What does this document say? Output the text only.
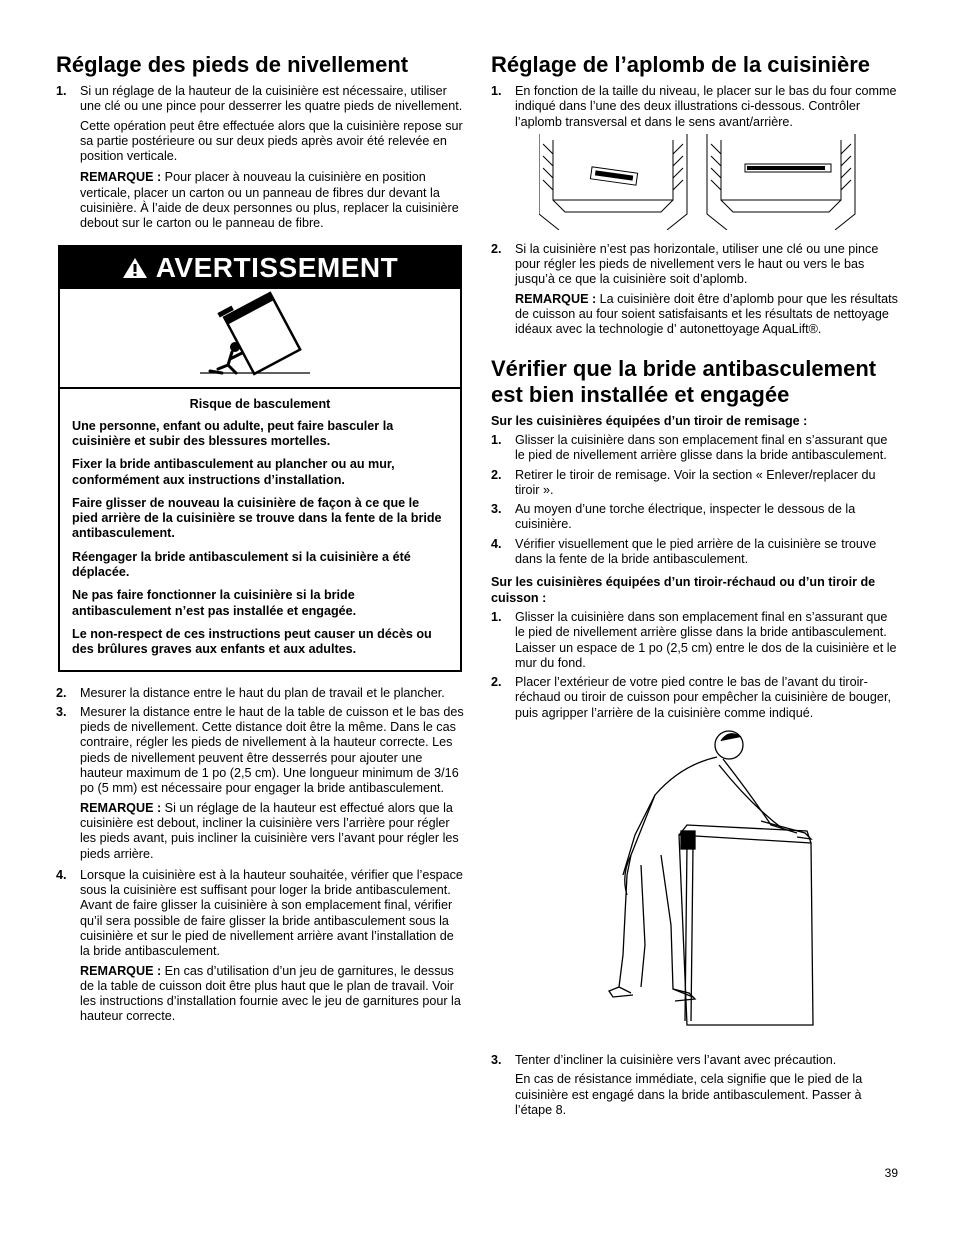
Réglage des pieds de nivellement
1.	Si un réglage de la hauteur de la cuisinière est nécessaire, utiliser une clé ou une pince pour desserrer les quatre pieds de nivellement.

Cette opération peut être effectuée alors que la cuisinière repose sur sa partie postérieure ou sur deux pieds après avoir été relevée en position verticale.

REMARQUE : Pour placer à nouveau la cuisinière en position verticale, placer un carton ou un panneau de fibres dur devant la cuisinière. À l’aide de deux personnes ou plus, replacer la cuisinière debout sur le carton ou le panneau de fibre.

AVERTISSEMENT
Risque de basculement
Une personne, enfant ou adulte, peut faire basculer la cuisinière et subir des blessures mortelles.
Fixer la bride antibasculement au plancher ou au mur, conformément aux instructions d’installation.
Faire glisser de nouveau la cuisinière de façon à ce que le pied arrière de la cuisinière se trouve dans la fente de la bride antibasculement.
Réengager la bride antibasculement si la cuisinière a été déplacée.
Ne pas faire fonctionner la cuisinière si la bride antibasculement n’est pas installée et engagée.
Le non-respect de ces instructions peut causer un décès ou des brûlures graves aux enfants et aux adultes.
2.	Mesurer la distance entre le haut du plan de travail et le plancher.
3.	Mesurer la distance entre le haut de la table de cuisson et le bas des pieds de nivellement. Cette distance doit être la même. Dans le cas contraire, régler les pieds de nivellement à la hauteur correcte. Les pieds de nivellement peuvent être desserrés pour ajouter une hauteur maximum de 1 po (2,5 cm). Une longueur minimum de 3/16 po (5 mm) est nécessaire pour engager la bride antibasculement.

REMARQUE : Si un réglage de la hauteur est effectué alors que la cuisinière est debout, incliner la cuisinière vers l’arrière pour régler les pieds avant, puis incliner la cuisinière vers l’avant pour régler les pieds arrière.

4.	Lorsque la cuisinière est à la hauteur souhaitée, vérifier que l’espace sous la cuisinière est suffisant pour loger la bride antibasculement. Avant de faire glisser la cuisinière à son emplacement final, vérifier qu’il sera possible de faire glisser la bride antibasculement sous la cuisinière et sur le pied de nivellement arrière avant l’installation de la bride antibasculement.

REMARQUE : En cas d’utilisation d’un jeu de garnitures, le dessus de la table de cuisson doit être plus haut que le plan de travail. Voir les instructions d’installation fournie avec le jeu de garnitures pour la hauteur correcte.

Réglage de l’aplomb de la cuisinière
1.	En fonction de la taille du niveau, le placer sur le bas du four comme indiqué dans l’une des deux illustrations ci-dessous. Contrôler l’aplomb transversal et dans le sens avant/arrière.
2.	Si la cuisinière n’est pas horizontale, utiliser une clé ou une pince pour régler les pieds de nivellement vers le haut ou vers le bas jusqu’à ce que la cuisinière soit d’aplomb.

REMARQUE : La cuisinière doit être d’aplomb pour que les résultats de cuisson au four soient satisfaisants et les résultats de nettoyage idéaux avec la technologie d’ autonettoyage AquaLift®.

Vérifier que la bride antibasculement est bien installée et engagée
Sur les cuisinières équipées d’un tiroir de remisage :
1.	Glisser la cuisinière dans son emplacement final en s’assurant que le pied de nivellement arrière glisse dans la bride antibasculement.
2.	Retirer le tiroir de remisage. Voir la section « Enlever/replacer du tiroir ».
3.	Au moyen d’une torche électrique, inspecter le dessous de la cuisinière.
4.	Vérifier visuellement que le pied arrière de la cuisinière se trouve dans la fente de la bride antibasculement.
Sur les cuisinières équipées d’un tiroir-réchaud ou d’un tiroir de cuisson :
1.	Glisser la cuisinière dans son emplacement final en s’assurant que le pied de nivellement arrière glisse dans la bride antibasculement. Laisser un espace de 1 po (2,5 cm) entre le dos de la cuisinière et le mur du fond.
2.	Placer l’extérieur de votre pied contre le bas de l’avant du tiroir-réchaud ou tiroir de cuisson pour empêcher la cuisinière de bouger, puis agripper l’arrière de la cuisinière comme indiqué.
3.	Tenter d’incliner la cuisinière vers l’avant avec précaution.

En cas de résistance immédiate, cela signifie que le pied de la cuisinière est engagé dans la bride antibasculement. Passer à l’étape 8.

39
